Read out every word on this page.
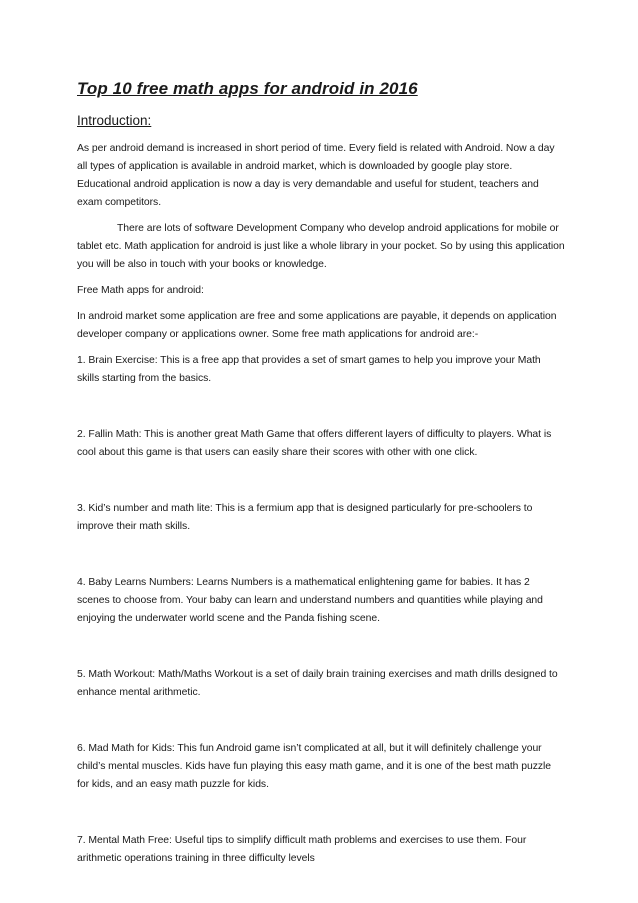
Top 10 free math apps for android in 2016
Introduction:

As per android demand is increased in short period of time. Every field is related with Android. Now a day all types of application is available in android market, which is downloaded by google play store. Educational android application is now a day is very demandable and useful for student, teachers and exam competitors.

There are lots of software Development Company who develop android applications for mobile or tablet etc. Math application for android is just like a whole library in your pocket. So by using this application you will be also in touch with your books or knowledge.

Free Math apps for android:

In android market some application are free and some applications are payable, it depends on application developer company or applications owner. Some free math applications for android are:-

1. Brain Exercise: This is a free app that provides a set of smart games to help you improve your Math skills starting from the basics.

2. Fallin Math: This is another great Math Game that offers different layers of difficulty to players. What is cool about this game is that users can easily share their scores with other with one click.

3. Kid’s number and math lite: This is a fermium app that is designed particularly for pre-schoolers to improve their math skills.

4. Baby Learns Numbers: Learns Numbers is a mathematical enlightening game for babies. It has 2 scenes to choose from. Your baby can learn and understand numbers and quantities while playing and enjoying the underwater world scene and the Panda fishing scene.

5. Math Workout: Math/Maths Workout is a set of daily brain training exercises and math drills designed to enhance mental arithmetic.

6. Mad Math for Kids: This fun Android game isn’t complicated at all, but it will definitely challenge your child’s mental muscles. Kids have fun playing this easy math game, and it is one of the best math puzzle for kids, and an easy math puzzle for kids.

7. Mental Math Free: Useful tips to simplify difficult math problems and exercises to use them. Four arithmetic operations training in three difficulty levels
